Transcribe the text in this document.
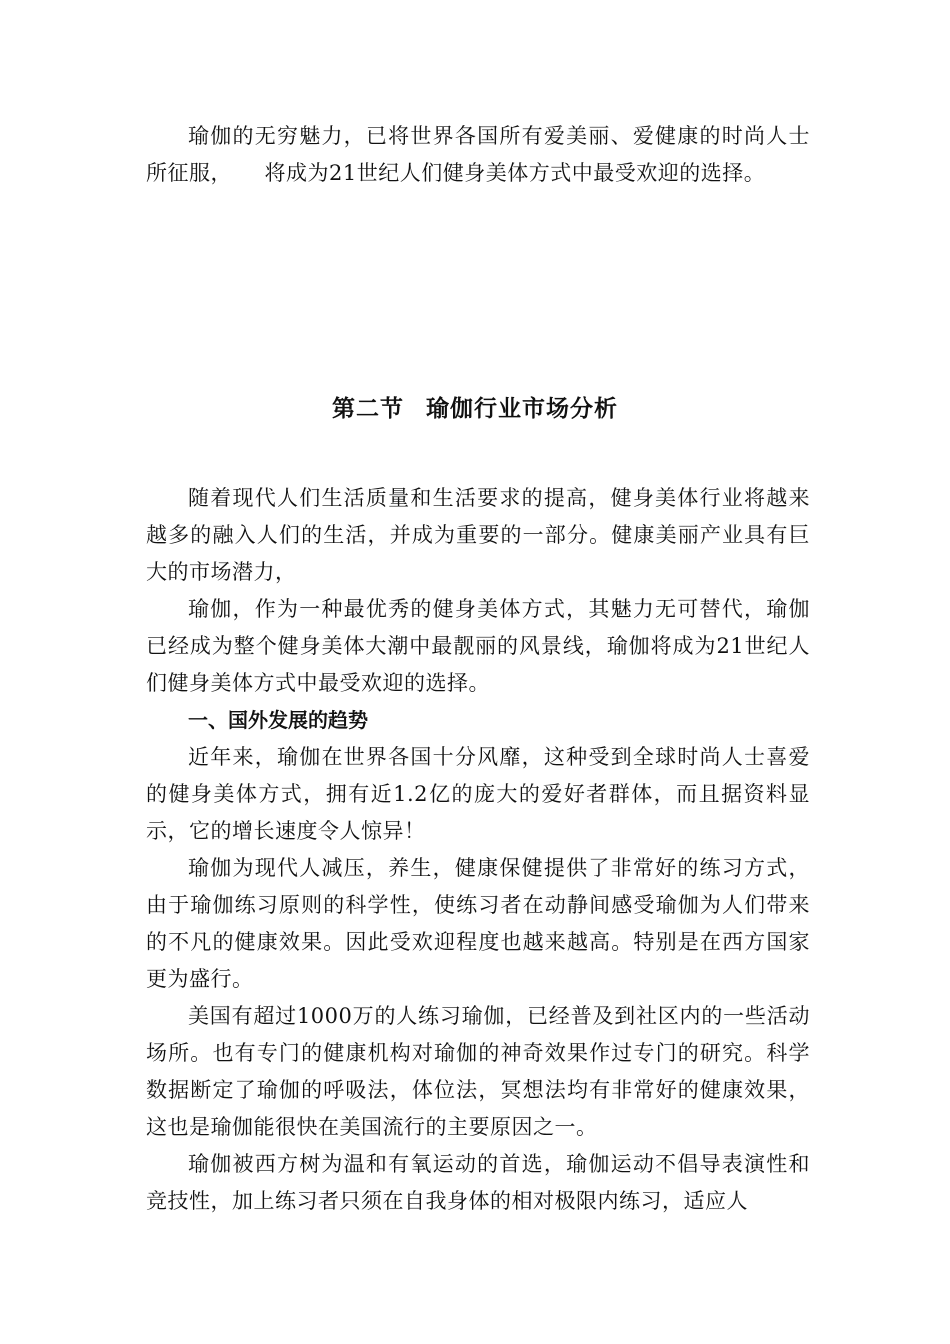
瑜伽的无穷魅力，已将世界各国所有爱美丽、爱健康的时尚人士所征服，　　将成为21世纪人们健身美体方式中最受欢迎的选择。

第二节 瑜伽行业市场分析

随着现代人们生活质量和生活要求的提高，健身美体行业将越来越多的融入人们的生活，并成为重要的一部分。健康美丽产业具有巨大的市场潜力，

瑜伽，作为一种最优秀的健身美体方式，其魅力无可替代，瑜伽已经成为整个健身美体大潮中最靓丽的风景线，瑜伽将成为21世纪人们健身美体方式中最受欢迎的选择。

一、国外发展的趋势

近年来，瑜伽在世界各国十分风靡，这种受到全球时尚人士喜爱的健身美体方式，拥有近1.2亿的庞大的爱好者群体，而且据资料显示，它的增长速度令人惊异！

瑜伽为现代人减压，养生，健康保健提供了非常好的练习方式，由于瑜伽练习原则的科学性，使练习者在动静间感受瑜伽为人们带来的不凡的健康效果。因此受欢迎程度也越来越高。特别是在西方国家更为盛行。

美国有超过1000万的人练习瑜伽，已经普及到社区内的一些活动场所。也有专门的健康机构对瑜伽的神奇效果作过专门的研究。科学数据断定了瑜伽的呼吸法，体位法，冥想法均有非常好的健康效果，这也是瑜伽能很快在美国流行的主要原因之一。

瑜伽被西方树为温和有氧运动的首选，瑜伽运动不倡导表演性和竞技性，加上练习者只须在自我身体的相对极限内练习，适应人
